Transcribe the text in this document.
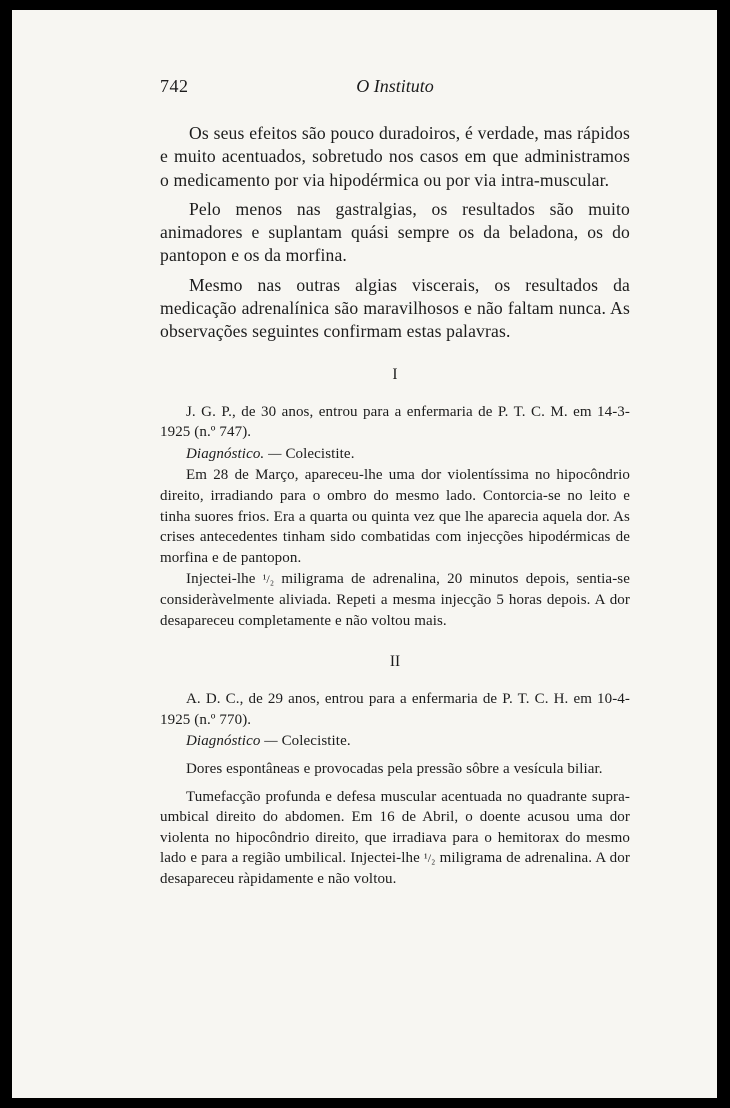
742	O Instituto

Os seus efeitos são pouco duradoiros, é verdade, mas rápidos e muito acentuados, sobretudo nos casos em que administramos o medicamento por via hipodérmica ou por via intra-muscular.

Pelo menos nas gastralgias, os resultados são muito animadores e suplantam quási sempre os da beladona, os do pantopon e os da morfina.

Mesmo nas outras algias viscerais, os resultados da medicação adrenalínica são maravilhosos e não faltam nunca. As observações seguintes confirmam estas palavras.

I

J. G. P., de 30 anos, entrou para a enfermaria de P. T. C. M. em 14-3-1925 (n.º 747).

Diagnóstico. — Colecistite.

Em 28 de Março, apareceu-lhe uma dor violentíssima no hipocôndrio direito, irradiando para o ombro do mesmo lado. Contorcia-se no leito e tinha suores frios. Era a quarta ou quinta vez que lhe aparecia aquela dor. As crises antecedentes tinham sido combatidas com injecções hipodérmicas de morfina e de pantopon.

Injectei-lhe ¹/₂ miligrama de adrenalina, 20 minutos depois, sentia-se consideràvelmente aliviada. Repeti a mesma injecção 5 horas depois. A dor desapareceu completamente e não voltou mais.

II

A. D. C., de 29 anos, entrou para a enfermaria de P. T. C. H. em 10-4-1925 (n.º 770).

Diagnóstico — Colecistite.

Dores espontâneas e provocadas pela pressão sôbre a vesícula biliar.

Tumefacção profunda e defesa muscular acentuada no quadrante supra-umbical direito do abdomen. Em 16 de Abril, o doente acusou uma dor violenta no hipocôndrio direito, que irradiava para o hemitorax do mesmo lado e para a região umbilical. Injectei-lhe ¹/₂ miligrama de adrenalina. A dor desapareceu ràpidamente e não voltou.
